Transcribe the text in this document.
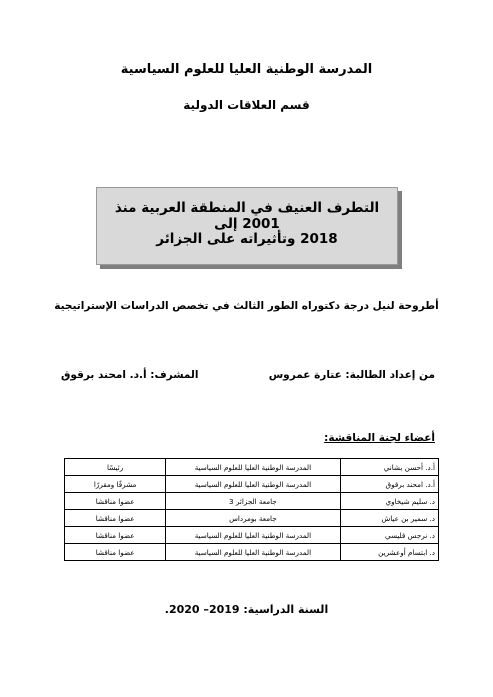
المدرسة الوطنية العليا للعلوم السياسية
قسم العلاقات الدولية
التطرف العنيف في المنطقة العربية منذ 2001 إلى
2018 وتأثيراته على الجزائر
أطروحة لنيل درجة دكتوراه الطور الثالث في تخصص الدراسات الإستراتيجية
من إعداد الطالبة: عتارة عمروس
المشرف: أ.د. امحند برقوق
أعضاء لجنة المناقشة:
أ.د. أحسن بشاني	المدرسة الوطنية العليا للعلوم السياسية	رئيسًا
أ.د. امحند برقوق	المدرسة الوطنية العليا للعلوم السياسية	مشرفًا ومقررًا
د. سليم شيخاوي	جامعة الجزائر 3	عضوا مناقشا
د. سمير بن عياش	جامعة بومرداس	عضوا مناقشا
د. نرجس قليسي	المدرسة الوطنية العليا للعلوم السياسية	عضوا مناقشا
د. ابتسام أوعشرين	المدرسة الوطنية العليا للعلوم السياسية	عضوا مناقشا
السنة الدراسية: 2019– 2020.
